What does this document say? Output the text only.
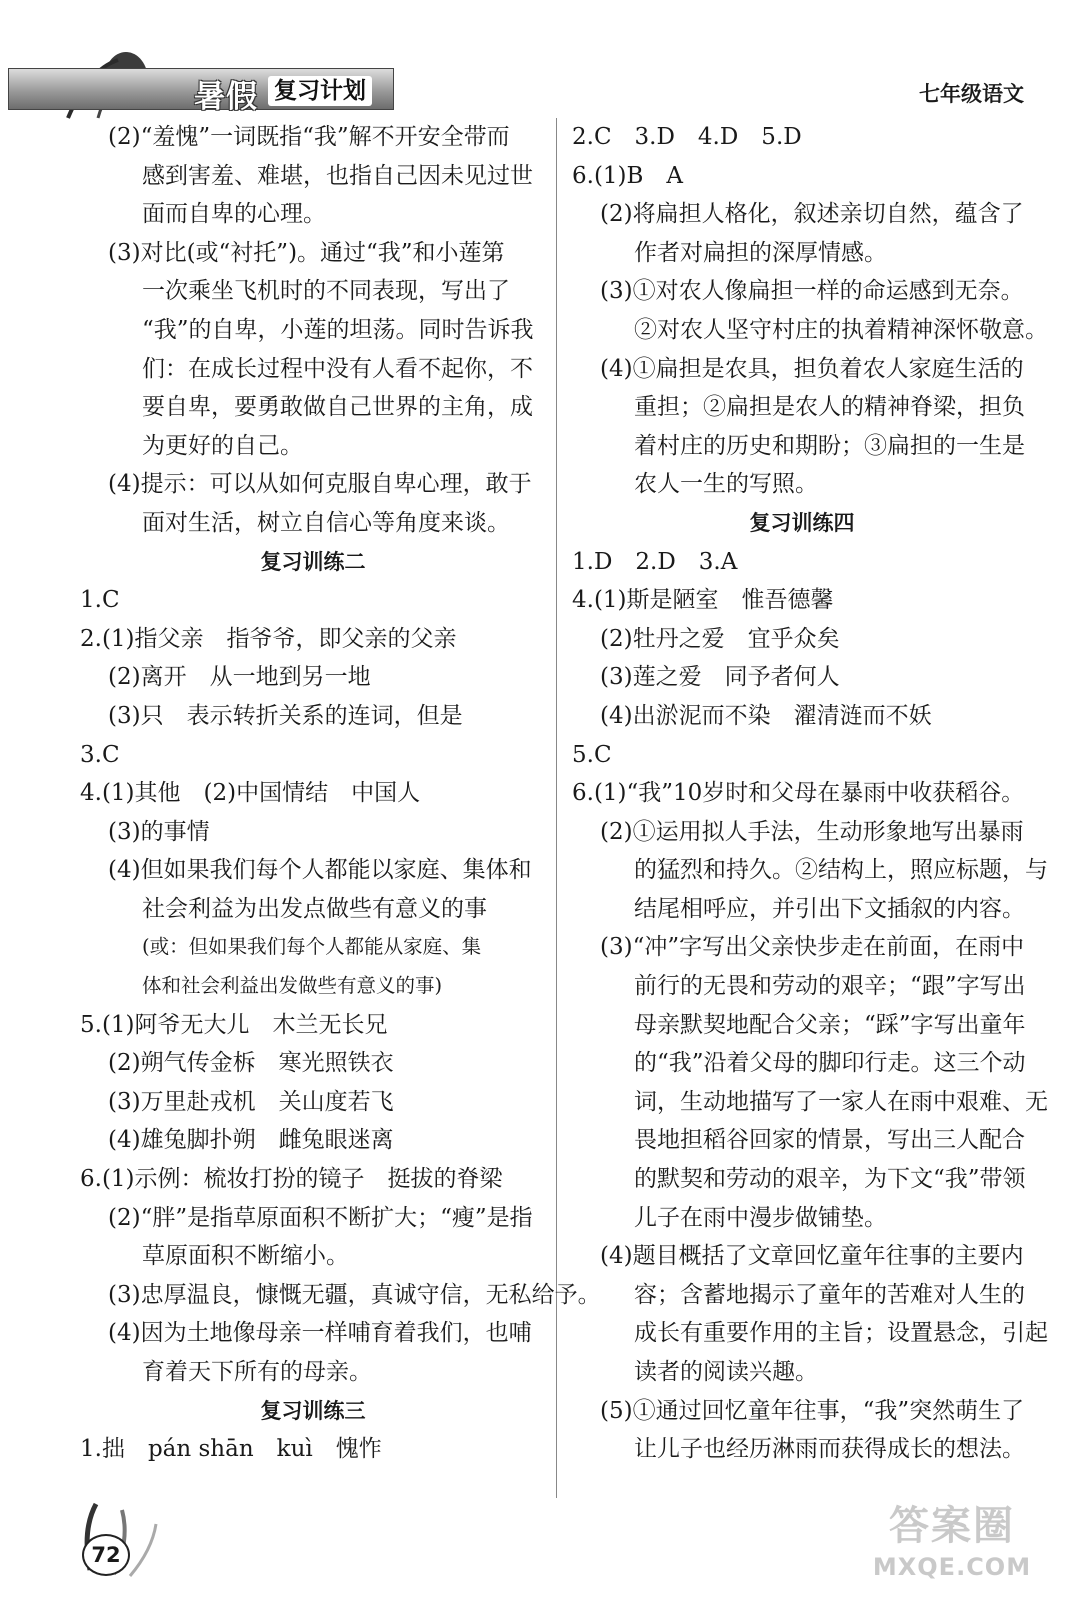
暑假 复习计划	七年级语文
(2)“羞愧”一词既指“我”解不开安全带而
感到害羞、难堪，也指自己因未见过世
面而自卑的心理。
(3)对比(或“衬托”)。通过“我”和小莲第
一次乘坐飞机时的不同表现，写出了
“我”的自卑，小莲的坦荡。同时告诉我
们：在成长过程中没有人看不起你，不
要自卑，要勇敢做自己世界的主角，成
为更好的自己。
(4)提示：可以从如何克服自卑心理，敢于
面对生活，树立自信心等角度来谈。
复习训练二
1.C
2.(1)指父亲　指爷爷，即父亲的父亲
(2)离开　从一地到另一地
(3)只　表示转折关系的连词，但是
3.C
4.(1)其他　(2)中国情结　中国人
(3)的事情
(4)但如果我们每个人都能以家庭、集体和
社会利益为出发点做些有意义的事
(或：但如果我们每个人都能从家庭、集
体和社会利益出发做些有意义的事)
5.(1)阿爷无大儿　木兰无长兄
(2)朔气传金柝　寒光照铁衣
(3)万里赴戎机　关山度若飞
(4)雄兔脚扑朔　雌兔眼迷离
6.(1)示例：梳妆打扮的镜子　挺拔的脊梁
(2)“胖”是指草原面积不断扩大；“瘦”是指
草原面积不断缩小。
(3)忠厚温良，慷慨无疆，真诚守信，无私给予。
(4)因为土地像母亲一样哺育着我们，也哺
育着天下所有的母亲。
复习训练三
1.拙　pán shān　kuì　愧怍
2.C　3.D　4.D　5.D
6.(1)B　A
(2)将扁担人格化，叙述亲切自然，蕴含了
作者对扁担的深厚情感。
(3)①对农人像扁担一样的命运感到无奈。
②对农人坚守村庄的执着精神深怀敬意。
(4)①扁担是农具，担负着农人家庭生活的
重担；②扁担是农人的精神脊梁，担负
着村庄的历史和期盼；③扁担的一生是
农人一生的写照。
复习训练四
1.D　2.D　3.A
4.(1)斯是陋室　惟吾德馨
(2)牡丹之爱　宜乎众矣
(3)莲之爱　同予者何人
(4)出淤泥而不染　濯清涟而不妖
5.C
6.(1)“我”10岁时和父母在暴雨中收获稻谷。
(2)①运用拟人手法，生动形象地写出暴雨
的猛烈和持久。②结构上，照应标题，与
结尾相呼应，并引出下文插叙的内容。
(3)“冲”字写出父亲快步走在前面，在雨中
前行的无畏和劳动的艰辛；“跟”字写出
母亲默契地配合父亲；“踩”字写出童年
的“我”沿着父母的脚印行走。这三个动
词，生动地描写了一家人在雨中艰难、无
畏地担稻谷回家的情景，写出三人配合
的默契和劳动的艰辛，为下文“我”带领
儿子在雨中漫步做铺垫。
(4)题目概括了文章回忆童年往事的主要内
容；含蓄地揭示了童年的苦难对人生的
成长有重要作用的主旨；设置悬念，引起
读者的阅读兴趣。
(5)①通过回忆童年往事，“我”突然萌生了
让儿子也经历淋雨而获得成长的想法。
72
答案圈
MXQE.COM
